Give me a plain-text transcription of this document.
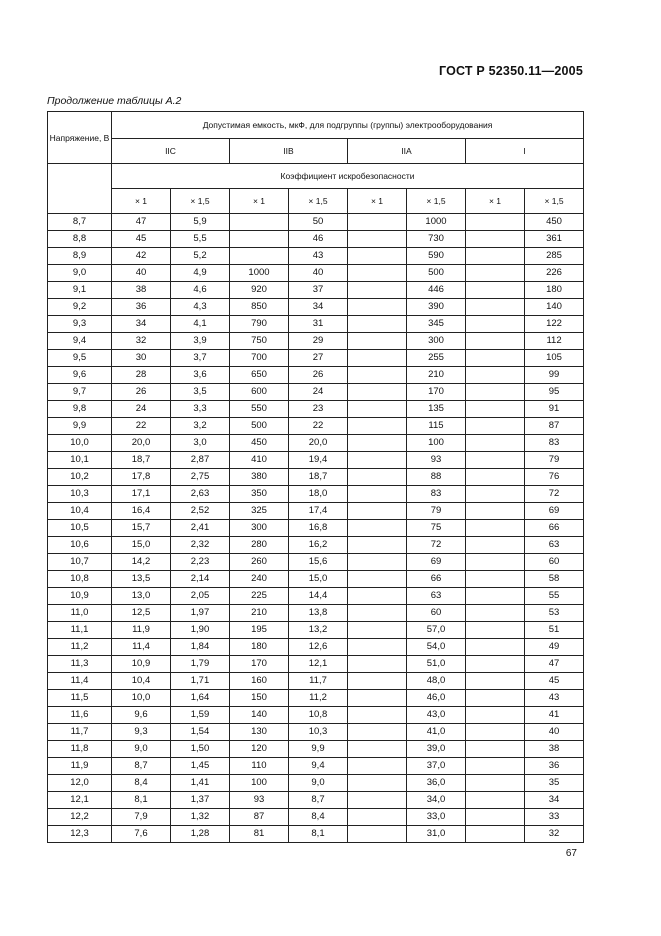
ГОСТ Р 52350.11—2005
Продолжение таблицы А.2
Напряжение, В	Допустимая емкость, мкФ, для подгруппы (группы) электрооборудования							
	IIC		IIB		IIA		I	
	Коэффициент искробезопасности							
	× 1	× 1,5	× 1	× 1,5	× 1	× 1,5	× 1	× 1,5
8,7	47	5,9		50		1000		450
8,8	45	5,5		46		730		361
8,9	42	5,2		43		590		285
9,0	40	4,9	1000	40		500		226
9,1	38	4,6	920	37		446		180
9,2	36	4,3	850	34		390		140
9,3	34	4,1	790	31		345		122
9,4	32	3,9	750	29		300		112
9,5	30	3,7	700	27		255		105
9,6	28	3,6	650	26		210		99
9,7	26	3,5	600	24		170		95
9,8	24	3,3	550	23		135		91
9,9	22	3,2	500	22		115		87
10,0	20,0	3,0	450	20,0		100		83
10,1	18,7	2,87	410	19,4		93		79
10,2	17,8	2,75	380	18,7		88		76
10,3	17,1	2,63	350	18,0		83		72
10,4	16,4	2,52	325	17,4		79		69
10,5	15,7	2,41	300	16,8		75		66
10,6	15,0	2,32	280	16,2		72		63
10,7	14,2	2,23	260	15,6		69		60
10,8	13,5	2,14	240	15,0		66		58
10,9	13,0	2,05	225	14,4		63		55
11,0	12,5	1,97	210	13,8		60		53
11,1	11,9	1,90	195	13,2		57,0		51
11,2	11,4	1,84	180	12,6		54,0		49
11,3	10,9	1,79	170	12,1		51,0		47
11,4	10,4	1,71	160	11,7		48,0		45
11,5	10,0	1,64	150	11,2		46,0		43
11,6	9,6	1,59	140	10,8		43,0		41
11,7	9,3	1,54	130	10,3		41,0		40
11,8	9,0	1,50	120	9,9		39,0		38
11,9	8,7	1,45	110	9,4		37,0		36
12,0	8,4	1,41	100	9,0		36,0		35
12,1	8,1	1,37	93	8,7		34,0		34
12,2	7,9	1,32	87	8,4		33,0		33
12,3	7,6	1,28	81	8,1		31,0		32
67
